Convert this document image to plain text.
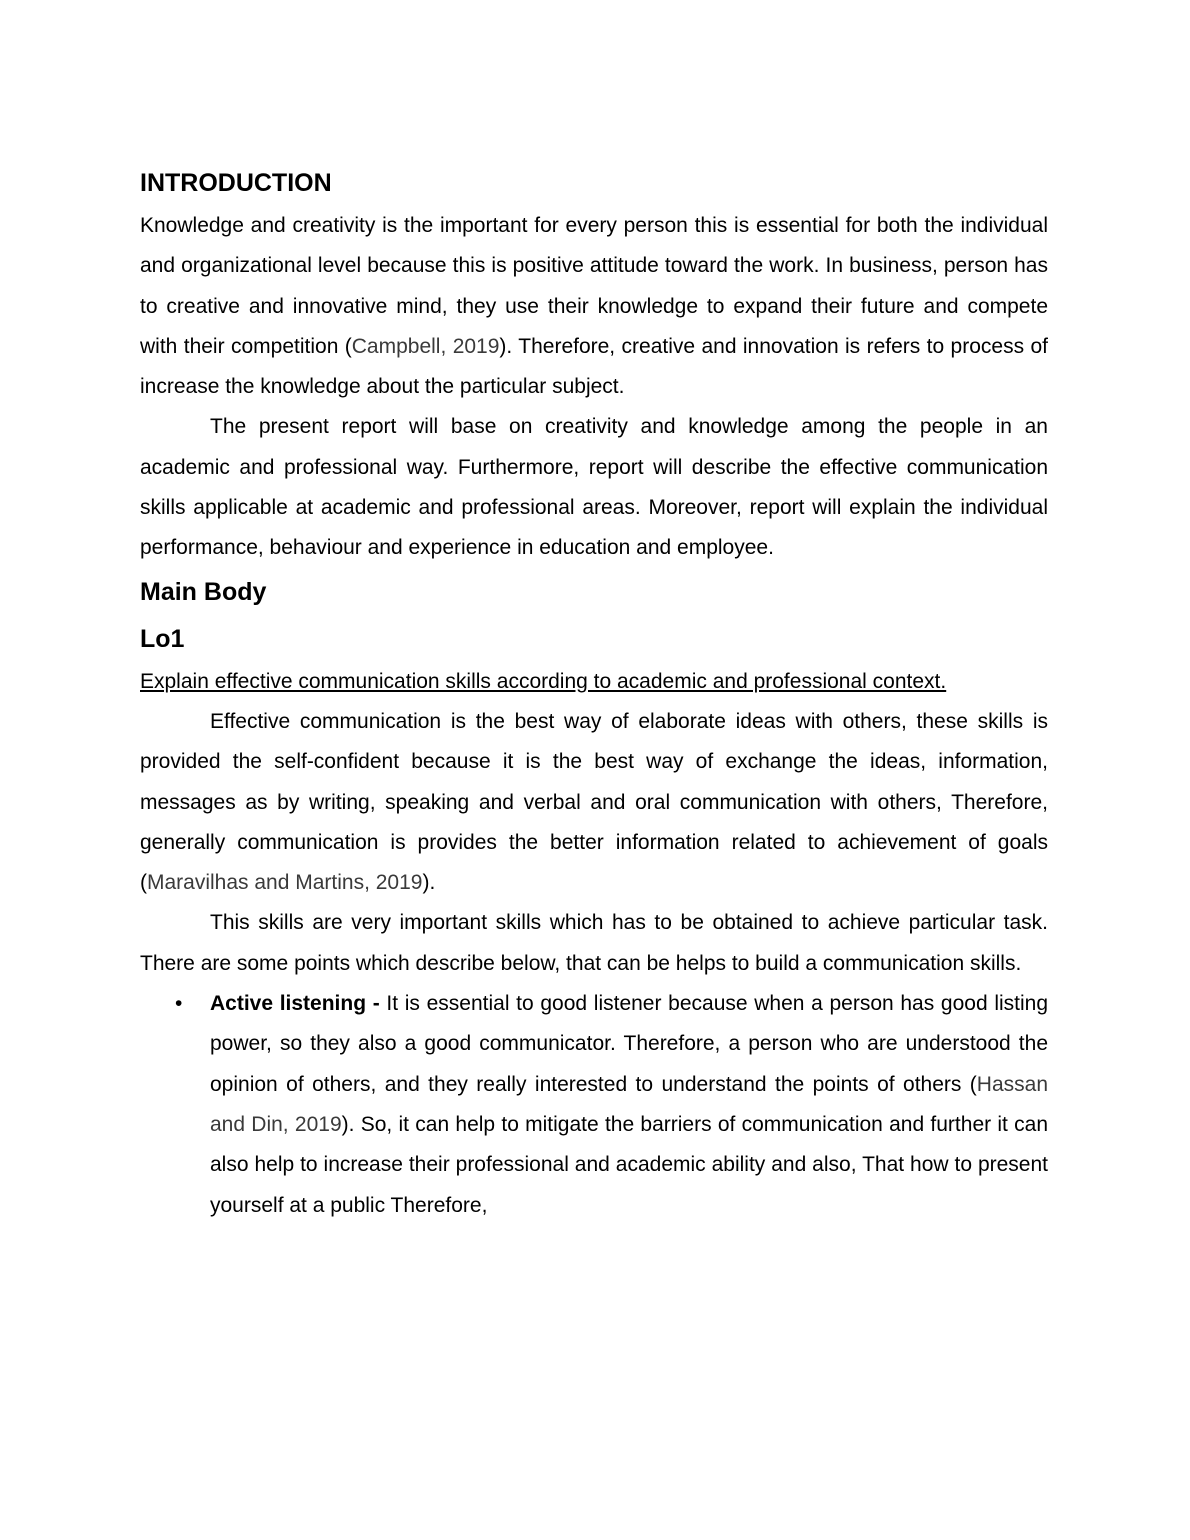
INTRODUCTION

Knowledge and creativity is the important for every person this is essential for both the individual and organizational level because this is positive attitude toward the work. In business, person has to creative and innovative mind, they use their knowledge to expand their future and compete with their competition (Campbell, 2019). Therefore, creative and innovation is refers to process of increase the knowledge about the particular subject.

The present report will base on creativity and knowledge among the people in an academic and professional way. Furthermore, report will describe the effective communication skills applicable at academic and professional areas. Moreover, report will explain the individual performance, behaviour and experience in education and employee.

Main Body
Lo1

Explain effective communication skills according to academic and professional context.

Effective communication is the best way of elaborate ideas with others, these skills is provided the self-confident because it is the best way of exchange the ideas, information, messages as by writing, speaking and verbal and oral communication with others, Therefore, generally communication is provides the better information related to achievement of goals (Maravilhas and Martins, 2019).

This skills are very important skills which has to be obtained to achieve particular task. There are some points which describe below, that can be helps to build a communication skills.

• Active listening - It is essential to good listener because when a person has good listing power, so they also a good communicator. Therefore, a person who are understood the opinion of others, and they really interested to understand the points of others (Hassan and Din, 2019). So, it can help to mitigate the barriers of communication and further it can also help to increase their professional and academic ability and also, That how to present yourself at a public Therefore,
